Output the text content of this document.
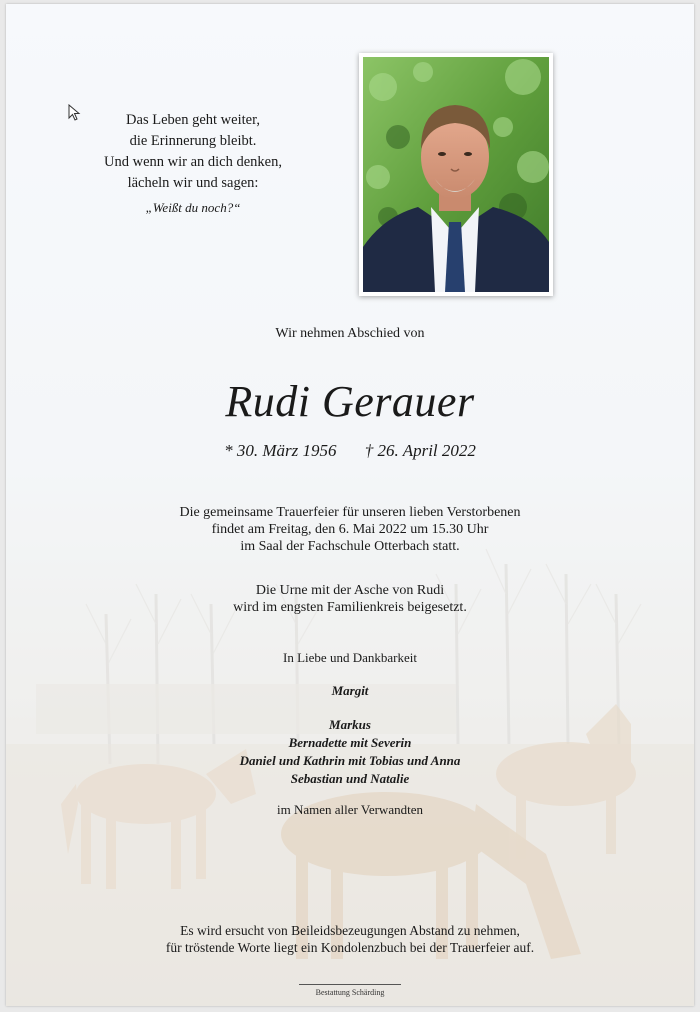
Das Leben geht weiter,
die Erinnerung bleibt.
Und wenn wir an dich denken,
lächeln wir und sagen:
„Weißt du noch?“
Wir nehmen Abschied von
Rudi Gerauer
* 30. März 1956 † 26. April 2022
Die gemeinsame Trauerfeier für unseren lieben Verstorbenen
findet am Freitag, den 6. Mai 2022 um 15.30 Uhr
im Saal der Fachschule Otterbach statt.
Die Urne mit der Asche von Rudi
wird im engsten Familienkreis beigesetzt.
In Liebe und Dankbarkeit
Margit
Markus
Bernadette mit Severin
Daniel und Kathrin mit Tobias und Anna
Sebastian und Natalie
im Namen aller Verwandten
Es wird ersucht von Beileidsbezeugungen Abstand zu nehmen,
für tröstende Worte liegt ein Kondolenzbuch bei der Trauerfeier auf.
Bestattung Schärding
